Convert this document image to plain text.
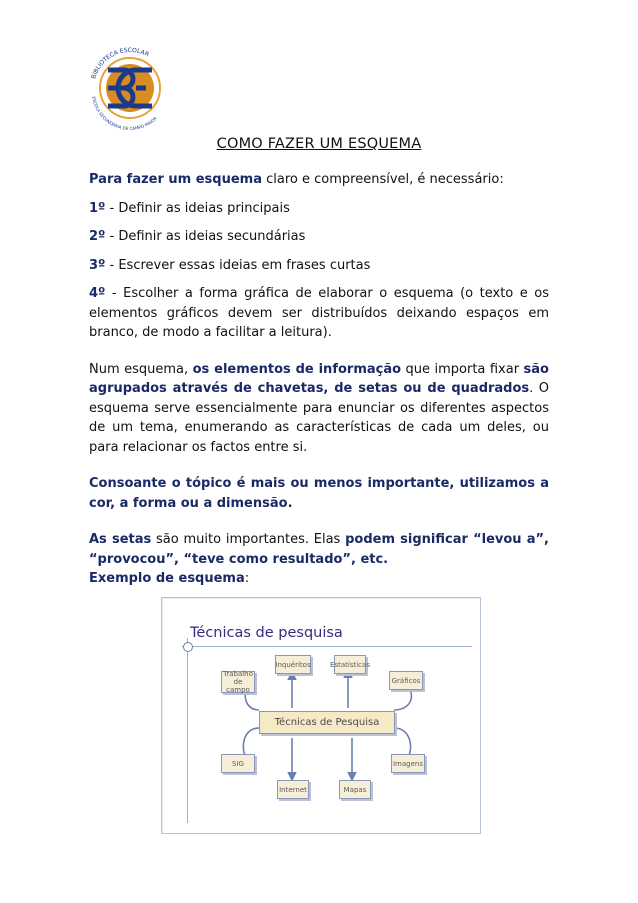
BIBLIOTECA ESCOLAR
ESCOLA SECUNDÁRIA DE CAMPO MAIOR
COMO FAZER UM ESQUEMA

Para fazer um esquema claro e compreensível, é necessário:

1º - Definir as ideias principais

2º - Definir as ideias secundárias

3º - Escrever essas ideias em frases curtas

4º - Escolher a forma gráfica de elaborar o esquema (o texto e os elementos gráficos devem ser distribuídos deixando espaços em branco, de modo a facilitar a leitura).

Num esquema, os elementos de informação que importa fixar são agrupados através de chavetas, de setas ou de quadrados. O esquema serve essencialmente para enunciar os diferentes aspectos de um tema, enumerando as características de cada um deles, ou para relacionar os factos entre si.

Consoante o tópico é mais ou menos importante, utilizamos a cor, a forma ou a dimensão.

As setas são muito importantes. Elas podem significar “levou a”, “provocou”, “teve como resultado”, etc.

Exemplo de esquema:

Técnicas de pesquisa
Inquéritos	Estatísticas
Trabalho
de campo
Gráficos
Técnicas de Pesquisa
SIG	Imagens
Internet	Mapas
